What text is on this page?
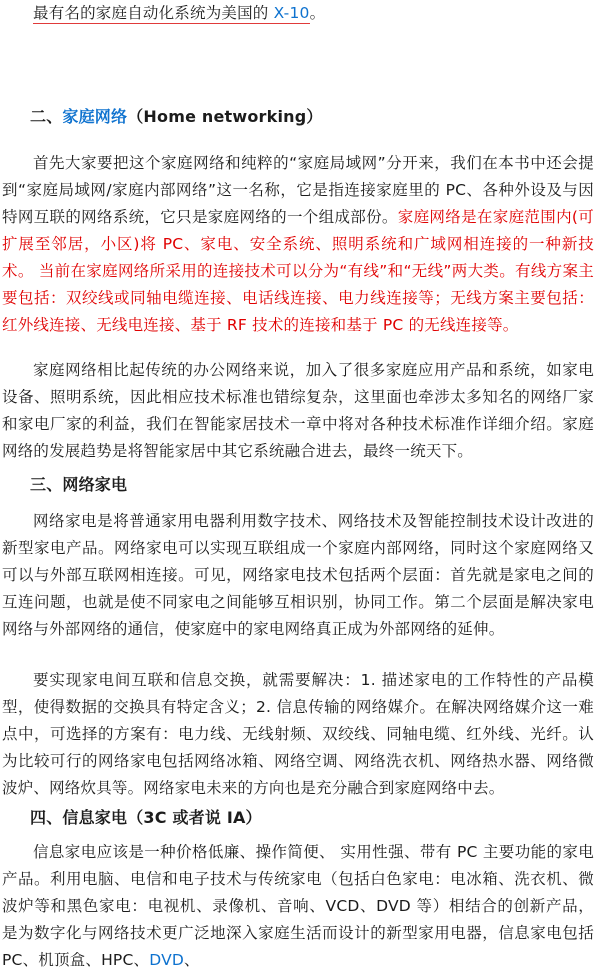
最有名的家庭自动化系统为美国的 X-10。

二、家庭网络（Home networking）

首先大家要把这个家庭网络和纯粹的“家庭局域网”分开来，我们在本书中还会提到“家庭局域网/家庭内部网络”这一名称，它是指连接家庭里的 PC、各种外设及与因特网互联的网络系统，它只是家庭网络的一个组成部份。家庭网络是在家庭范围内(可扩展至邻居，小区)将 PC、家电、安全系统、照明系统和广域网相连接的一种新技术。 当前在家庭网络所采用的连接技术可以分为“有线”和“无线”两大类。有线方案主要包括：双绞线或同轴电缆连接、电话线连接、电力线连接等；无线方案主要包括：红外线连接、无线电连接、基于 RF 技术的连接和基于 PC 的无线连接等。

家庭网络相比起传统的办公网络来说，加入了很多家庭应用产品和系统，如家电设备、照明系统，因此相应技术标准也错综复杂，这里面也牵涉太多知名的网络厂家和家电厂家的利益，我们在智能家居技术一章中将对各种技术标准作详细介绍。家庭网络的发展趋势是将智能家居中其它系统融合进去，最终一统天下。

三、网络家电

网络家电是将普通家用电器利用数字技术、网络技术及智能控制技术设计改进的新型家电产品。网络家电可以实现互联组成一个家庭内部网络，同时这个家庭网络又可以与外部互联网相连接。可见，网络家电技术包括两个层面：首先就是家电之间的互连问题，也就是使不同家电之间能够互相识别，协同工作。第二个层面是解决家电网络与外部网络的通信，使家庭中的家电网络真正成为外部网络的延伸。

要实现家电间互联和信息交换，就需要解决：1. 描述家电的工作特性的产品模型，使得数据的交换具有特定含义；2. 信息传输的网络媒介。在解决网络媒介这一难点中，可选择的方案有：电力线、无线射频、双绞线、同轴电缆、红外线、光纤。认为比较可行的网络家电包括网络冰箱、网络空调、网络洗衣机、网络热水器、网络微波炉、网络炊具等。网络家电未来的方向也是充分融合到家庭网络中去。

四、信息家电（3C 或者说 IA）

信息家电应该是一种价格低廉、操作简便、 实用性强、带有 PC 主要功能的家电产品。利用电脑、电信和电子技术与传统家电（包括白色家电：电冰箱、洗衣机、微波炉等和黑色家电：电视机、录像机、音响、VCD、DVD 等）相结合的创新产品， 是为数字化与网络技术更广泛地深入家庭生活而设计的新型家用电器，信息家电包括 PC、机顶盒、HPC、DVD、
